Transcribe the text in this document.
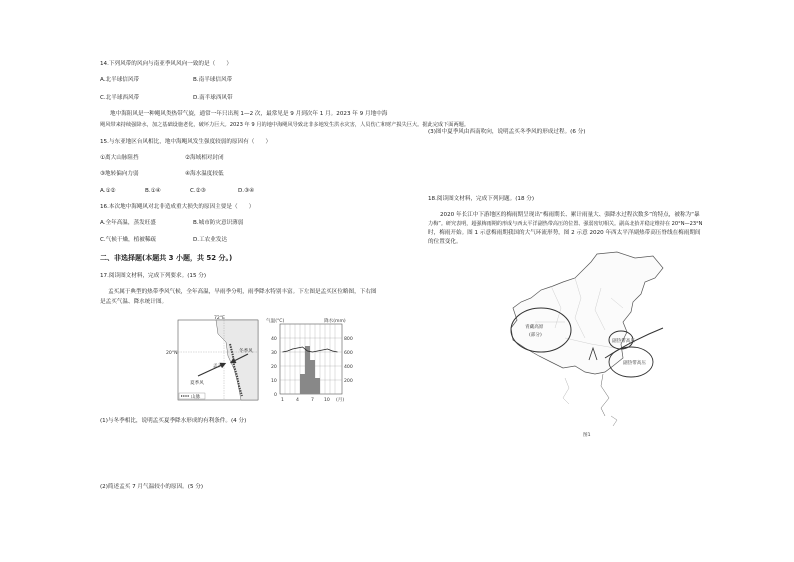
14.下列风带的风向与南亚季风风向一致的是（　　）
A.北半球信风带	B.南半球信风带
C.北半球西风带	D.南半球西风带
地中海阻风是一种飓风类热带气旋，通常一年只出现 1—2 次，最常见是 9 月到次年 1 月。2023 年 9 月地中海
飓风带来持续强降水，加之基础设施老化，破坏力巨大。2023 年 9 月的地中海飓风导致北非多地发生洪水灾害，人员伤亡和财产损失巨大。据此完成下面两题。
15.与东亚地区台风相比，地中海飓风发生强度较弱的原因有（　　）
①离大山脉阻挡	②海域相对封闭
③地转偏向力弱	④海水温度较低
A.①②	B.①④	C.②③	D.③④
16.本次地中海飓风对北非造成重大损失的原因主要是（　　）
A.全年高温，蒸发旺盛	B.城市防灾意识薄弱
C.气候干燥，植被稀疏	D.工农业发达
二、非选择题(本题共 3 小题，共 52 分。)
17.阅读图文材料，完成下列要求。(15 分)
孟买属于典型的热带季风气候，全年高温，旱雨季分明，雨季降水特别丰富。下左图是孟买区位略图，下右图
是孟买气温、降水统计图。
72°E
20°N	冬季风
夏季风
孟买
山脉
气温(°C)	降水(mm)
40
30
20
10
0
800
600
400
200
1	4	7 10 (月)
(1)与冬季相比，说明孟买夏季降水形成的有利条件。(4 分)
(2)简述孟买 7 月气温较小的原因。(5 分)
(3)图中夏季风由西南吹向，说明孟买冬季风的形成过程。(6 分)
18.阅读图文材料，完成下列问题。(18 分)
2020 年长江中下游地区的梅雨期呈现出“梅雨期长、累计雨量大、强降水过程次数多”的特点，被称为“暴
力梅”。研究表明，超强梅雨期的形成与西太平洋副热带高压的位置、强弱密切相关。副高北抬并稳定维持在 20°N—23°N
时，梅雨开始。图 1 示意梅雨期我国的大气环流形势，图 2 示意 2020 年西太平洋副热带高压脊线在梅雨期间
的位置变化。
青藏高原
(部分)
副热带高压
副热带高压
图1
